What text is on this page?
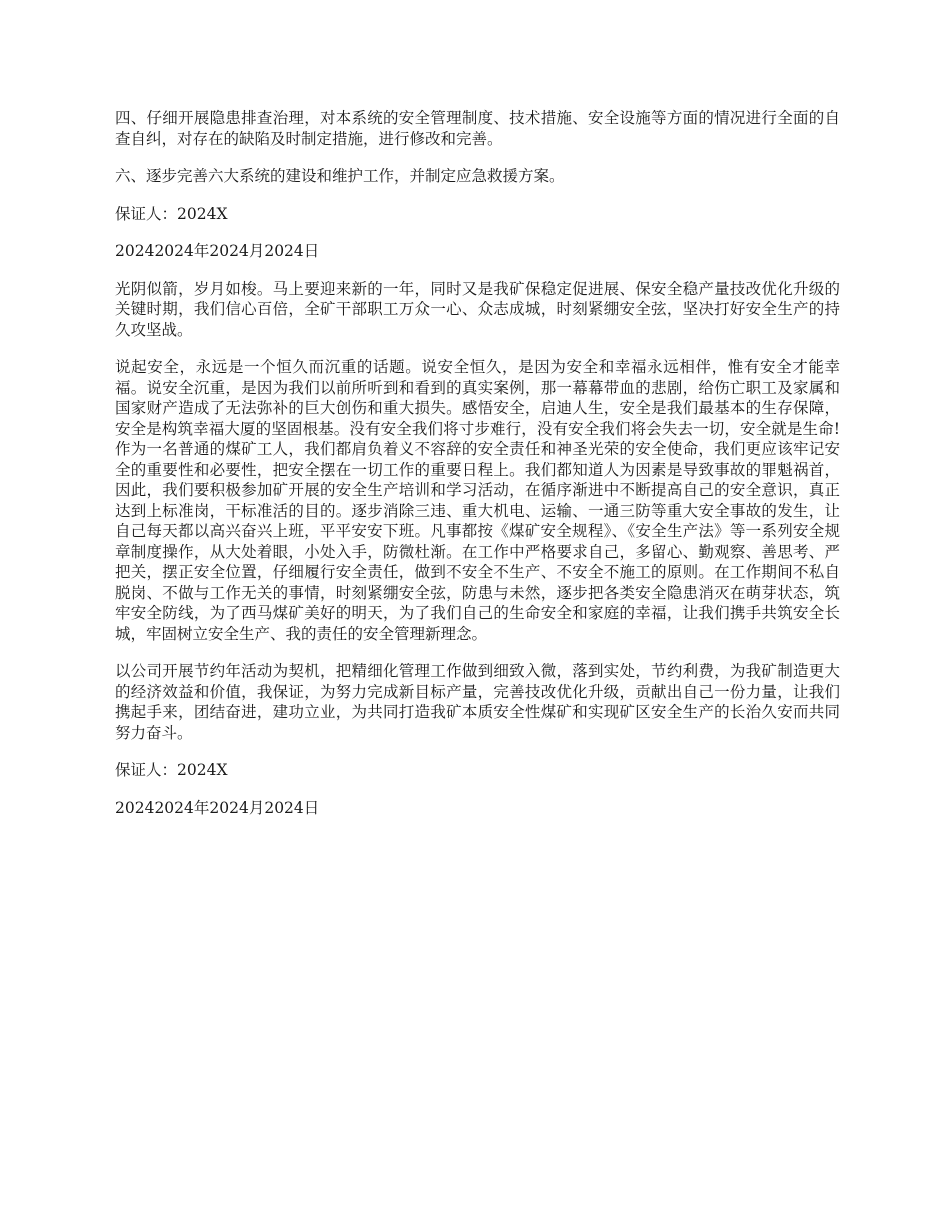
四、仔细开展隐患排查治理，对本系统的安全管理制度、技术措施、安全设施等方面的情况进行全面的自查自纠，对存在的缺陷及时制定措施，进行修改和完善。

六、逐步完善六大系统的建设和维护工作，并制定应急救援方案。

保证人：2024X

20242024年2024月2024日

光阴似箭，岁月如梭。马上要迎来新的一年，同时又是我矿保稳定促进展、保安全稳产量技改优化升级的关键时期，我们信心百倍，全矿干部职工万众一心、众志成城，时刻紧绷安全弦，坚决打好安全生产的持久攻坚战。

说起安全，永远是一个恒久而沉重的话题。说安全恒久，是因为安全和幸福永远相伴，惟有安全才能幸福。说安全沉重，是因为我们以前所听到和看到的真实案例，那一幕幕带血的悲剧，给伤亡职工及家属和国家财产造成了无法弥补的巨大创伤和重大损失。感悟安全，启迪人生，安全是我们最基本的生存保障，安全是构筑幸福大厦的坚固根基。没有安全我们将寸步难行，没有安全我们将会失去一切，安全就是生命!作为一名普通的煤矿工人，我们都肩负着义不容辞的安全责任和神圣光荣的安全使命，我们更应该牢记安全的重要性和必要性，把安全摆在一切工作的重要日程上。我们都知道人为因素是导致事故的罪魁祸首，因此，我们要积极参加矿开展的安全生产培训和学习活动，在循序渐进中不断提高自己的安全意识，真正达到上标准岗，干标准活的目的。逐步消除三违、重大机电、运输、一通三防等重大安全事故的发生，让自己每天都以高兴奋兴上班，平平安安下班。凡事都按《煤矿安全规程》、《安全生产法》等一系列安全规章制度操作，从大处着眼，小处入手，防微杜渐。在工作中严格要求自己，多留心、勤观察、善思考、严把关，摆正安全位置，仔细履行安全责任，做到不安全不生产、不安全不施工的原则。在工作期间不私自脱岗、不做与工作无关的事情，时刻紧绷安全弦，防患与未然，逐步把各类安全隐患消灭在萌芽状态，筑牢安全防线，为了西马煤矿美好的明天，为了我们自己的生命安全和家庭的幸福，让我们携手共筑安全长城，牢固树立安全生产、我的责任的安全管理新理念。

以公司开展节约年活动为契机，把精细化管理工作做到细致入微，落到实处，节约利费，为我矿制造更大的经济效益和价值，我保证，为努力完成新目标产量，完善技改优化升级，贡献出自己一份力量，让我们携起手来，团结奋进，建功立业，为共同打造我矿本质安全性煤矿和实现矿区安全生产的长治久安而共同努力奋斗。

保证人：2024X

20242024年2024月2024日
